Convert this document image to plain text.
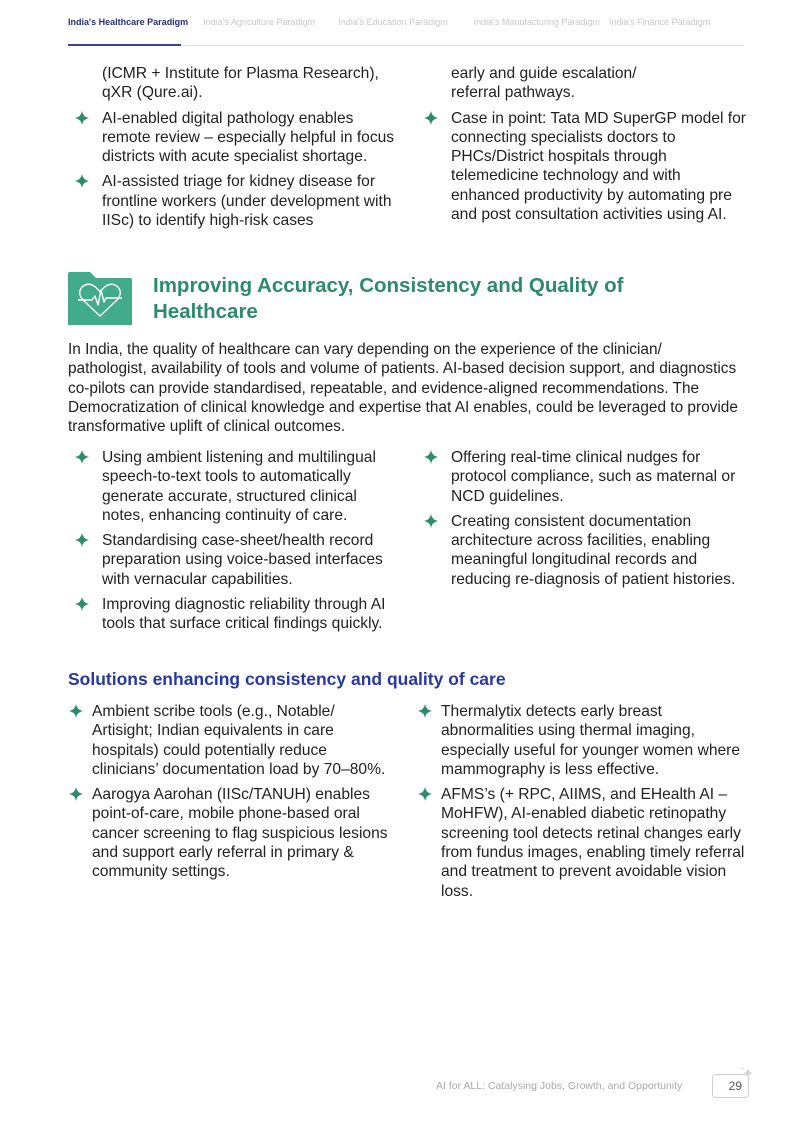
India's Healthcare Paradigm	India's Agriculture Paradigm	India's Education Paradigm	India's Manufacturing Paradigm India's Finance Paradigm
(ICMR + Institute for Plasma Research), qXR (Qure.ai).
AI-enabled digital pathology enables remote review – especially helpful in focus districts with acute specialist shortage.
AI-assisted triage for kidney disease for frontline workers (under development with IISc) to identify high-risk cases
early and guide escalation/ referral pathways.
Case in point: Tata MD SuperGP model for connecting specialists doctors to PHCs/District hospitals through telemedicine technology and with enhanced productivity by automating pre and post consultation activities using AI.
Improving Accuracy, Consistency and Quality of Healthcare
In India, the quality of healthcare can vary depending on the experience of the clinician/ pathologist, availability of tools and volume of patients. AI-based decision support, and diagnostics co-pilots can provide standardised, repeatable, and evidence-aligned recommendations. The Democratization of clinical knowledge and expertise that AI enables, could be leveraged to provide transformative uplift of clinical outcomes.
Using ambient listening and multilingual speech-to-text tools to automatically generate accurate, structured clinical notes, enhancing continuity of care.
Standardising case-sheet/health record preparation using voice-based interfaces with vernacular capabilities.
Improving diagnostic reliability through AI tools that surface critical findings quickly.
Offering real-time clinical nudges for protocol compliance, such as maternal or NCD guidelines.
Creating consistent documentation architecture across facilities, enabling meaningful longitudinal records and reducing re-diagnosis of patient histories.
Solutions enhancing consistency and quality of care
Ambient scribe tools (e.g., Notable/ Artisight; Indian equivalents in care hospitals) could potentially reduce clinicians’ documentation load by 70–80%.
Aarogya Aarohan (IISc/TANUH) enables point-of-care, mobile phone-based oral cancer screening to flag suspicious lesions and support early referral in primary & community settings.
Thermalytix detects early breast abnormalities using thermal imaging, especially useful for younger women where mammography is less effective.
AFMS’s (+ RPC, AIIMS, and EHealth AI – MoHFW), AI-enabled diabetic retinopathy screening tool detects retinal changes early from fundus images, enabling timely referral and treatment to prevent avoidable vision loss.
AI for ALL: Catalysing Jobs, Growth, and Opportunity	29
